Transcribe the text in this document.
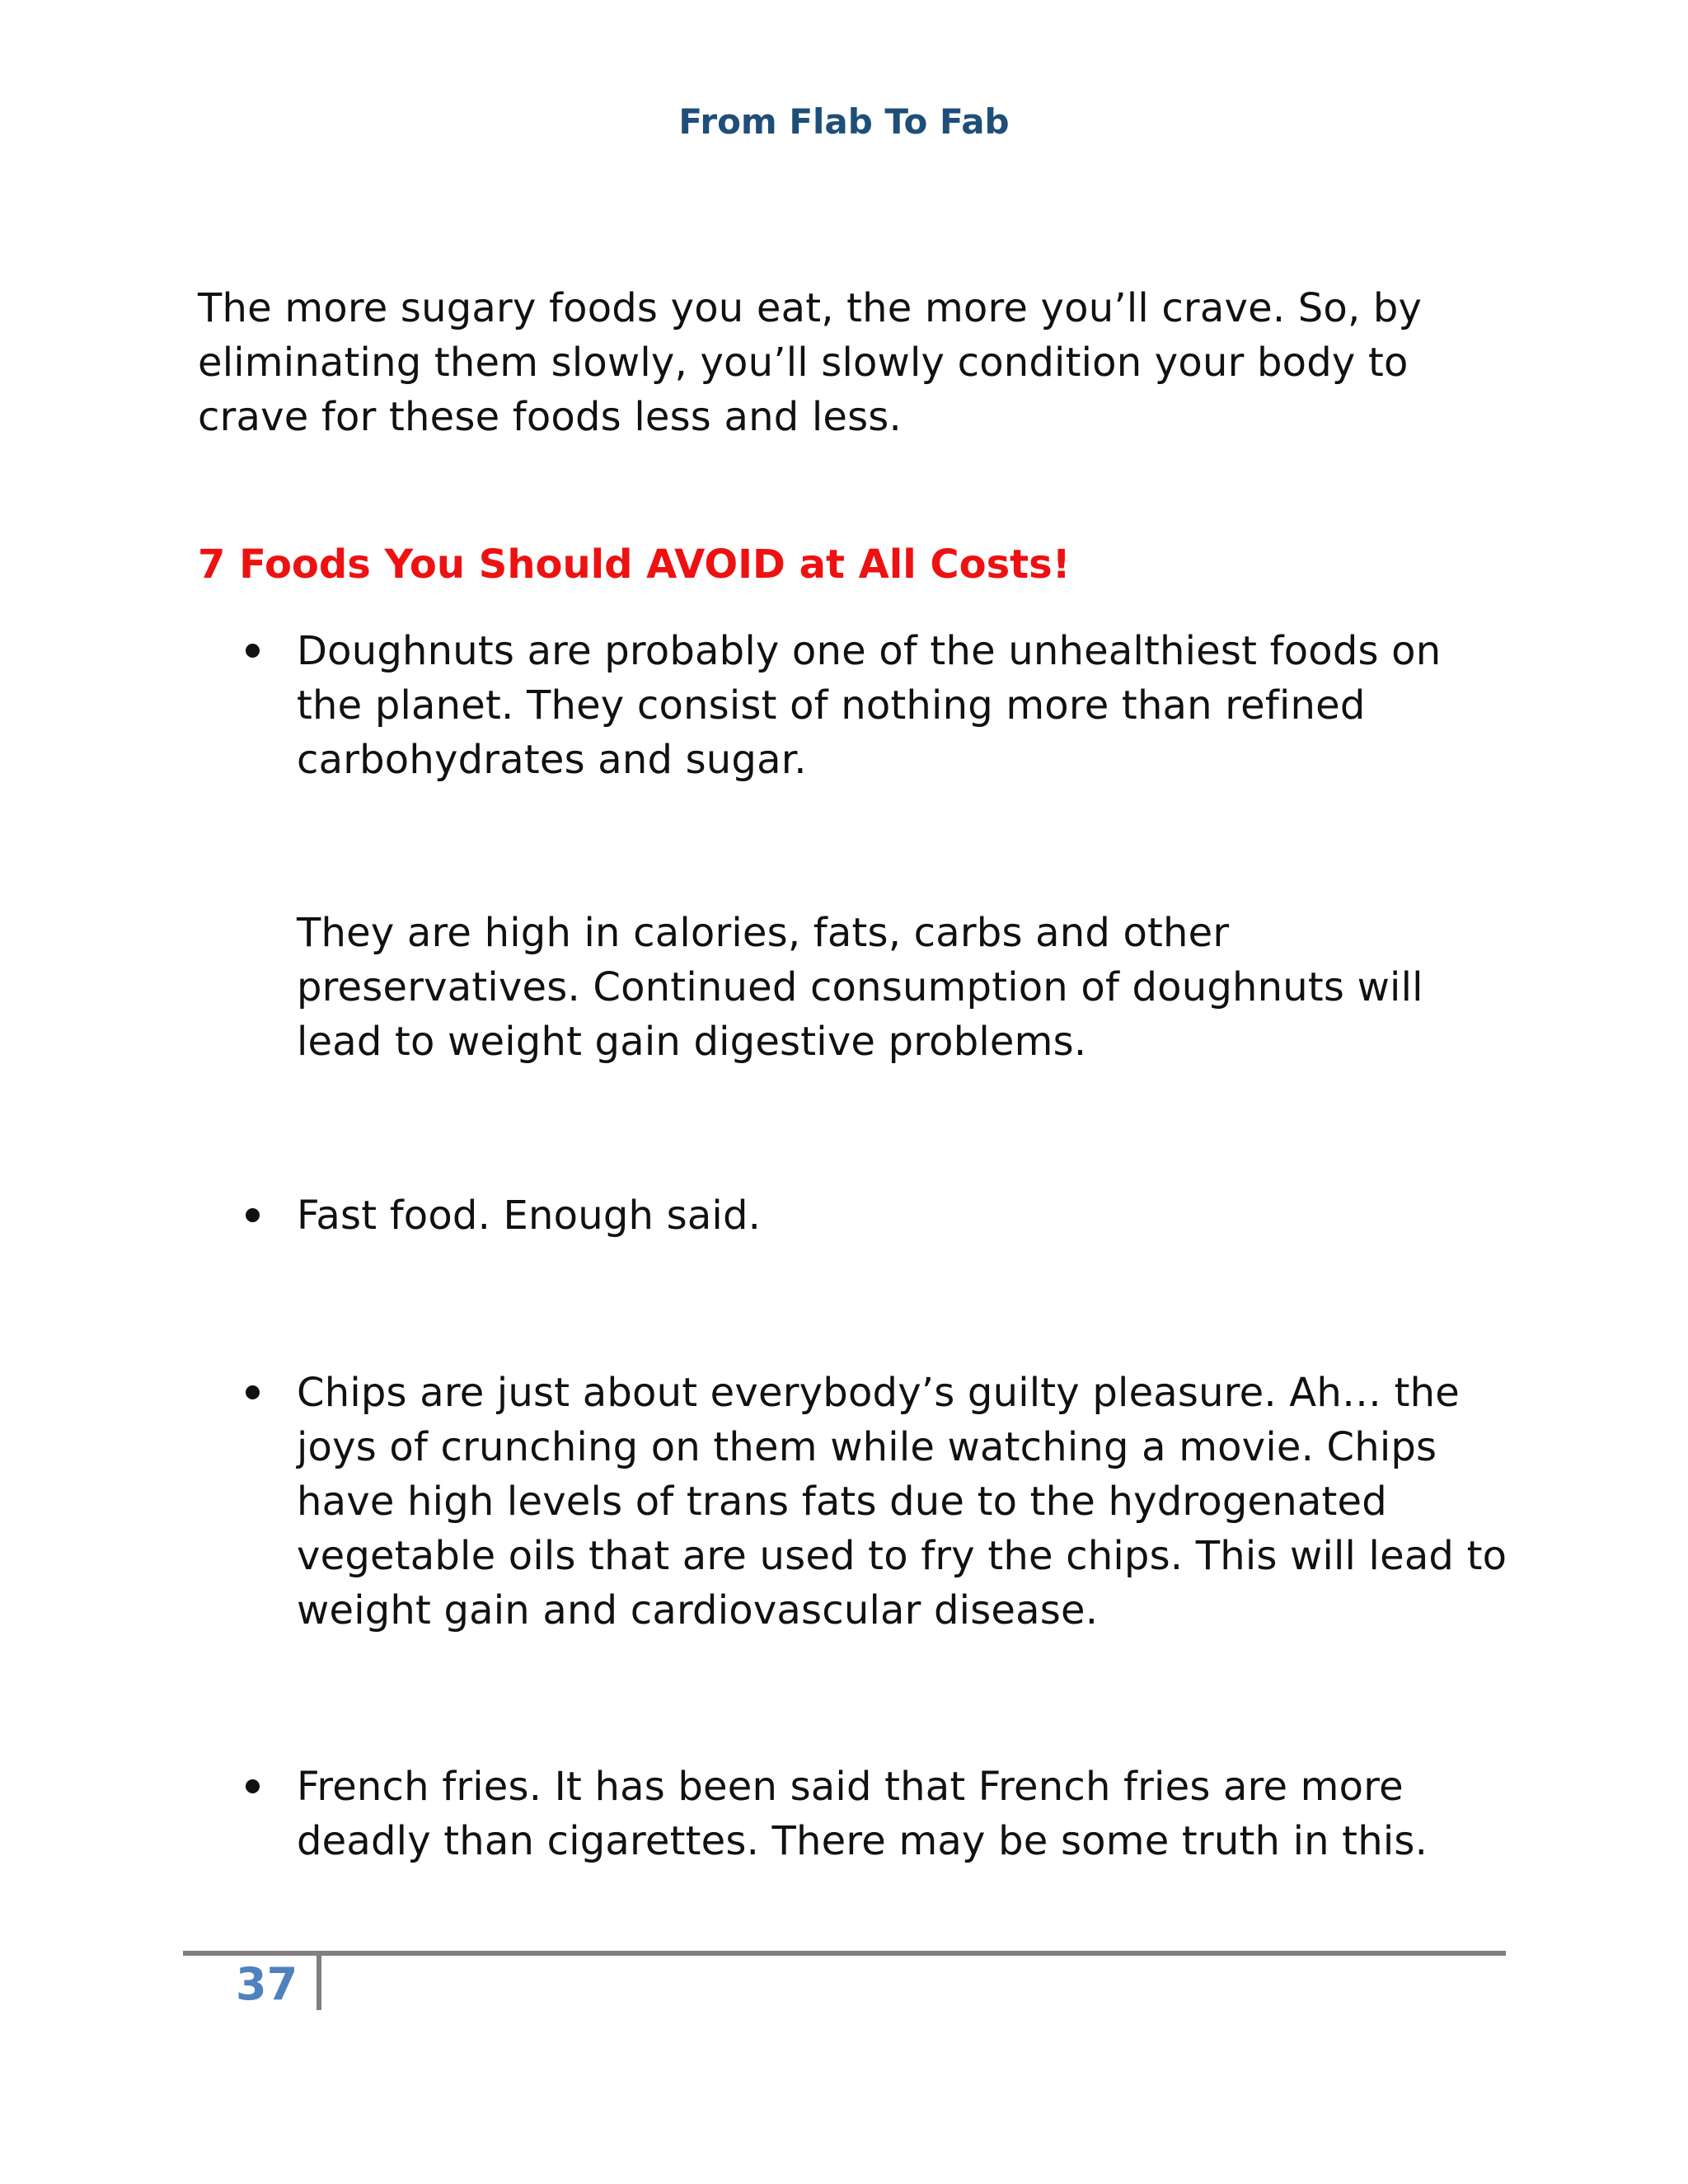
From Flab To Fab

The more sugary foods you eat, the more you’ll crave. So, by eliminating them slowly, you’ll slowly condition your body to crave for these foods less and less.

7 Foods You Should AVOID at All Costs!

Doughnuts are probably one of the unhealthiest foods on the planet. They consist of nothing more than refined carbohydrates and sugar.

They are high in calories, fats, carbs and other preservatives. Continued consumption of doughnuts will lead to weight gain digestive problems.

Fast food. Enough said.

Chips are just about everybody’s guilty pleasure. Ah… the joys of crunching on them while watching a movie. Chips have high levels of trans fats due to the hydrogenated vegetable oils that are used to fry the chips. This will lead to weight gain and cardiovascular disease.

French fries. It has been said that French fries are more deadly than cigarettes. There may be some truth in this.

37
